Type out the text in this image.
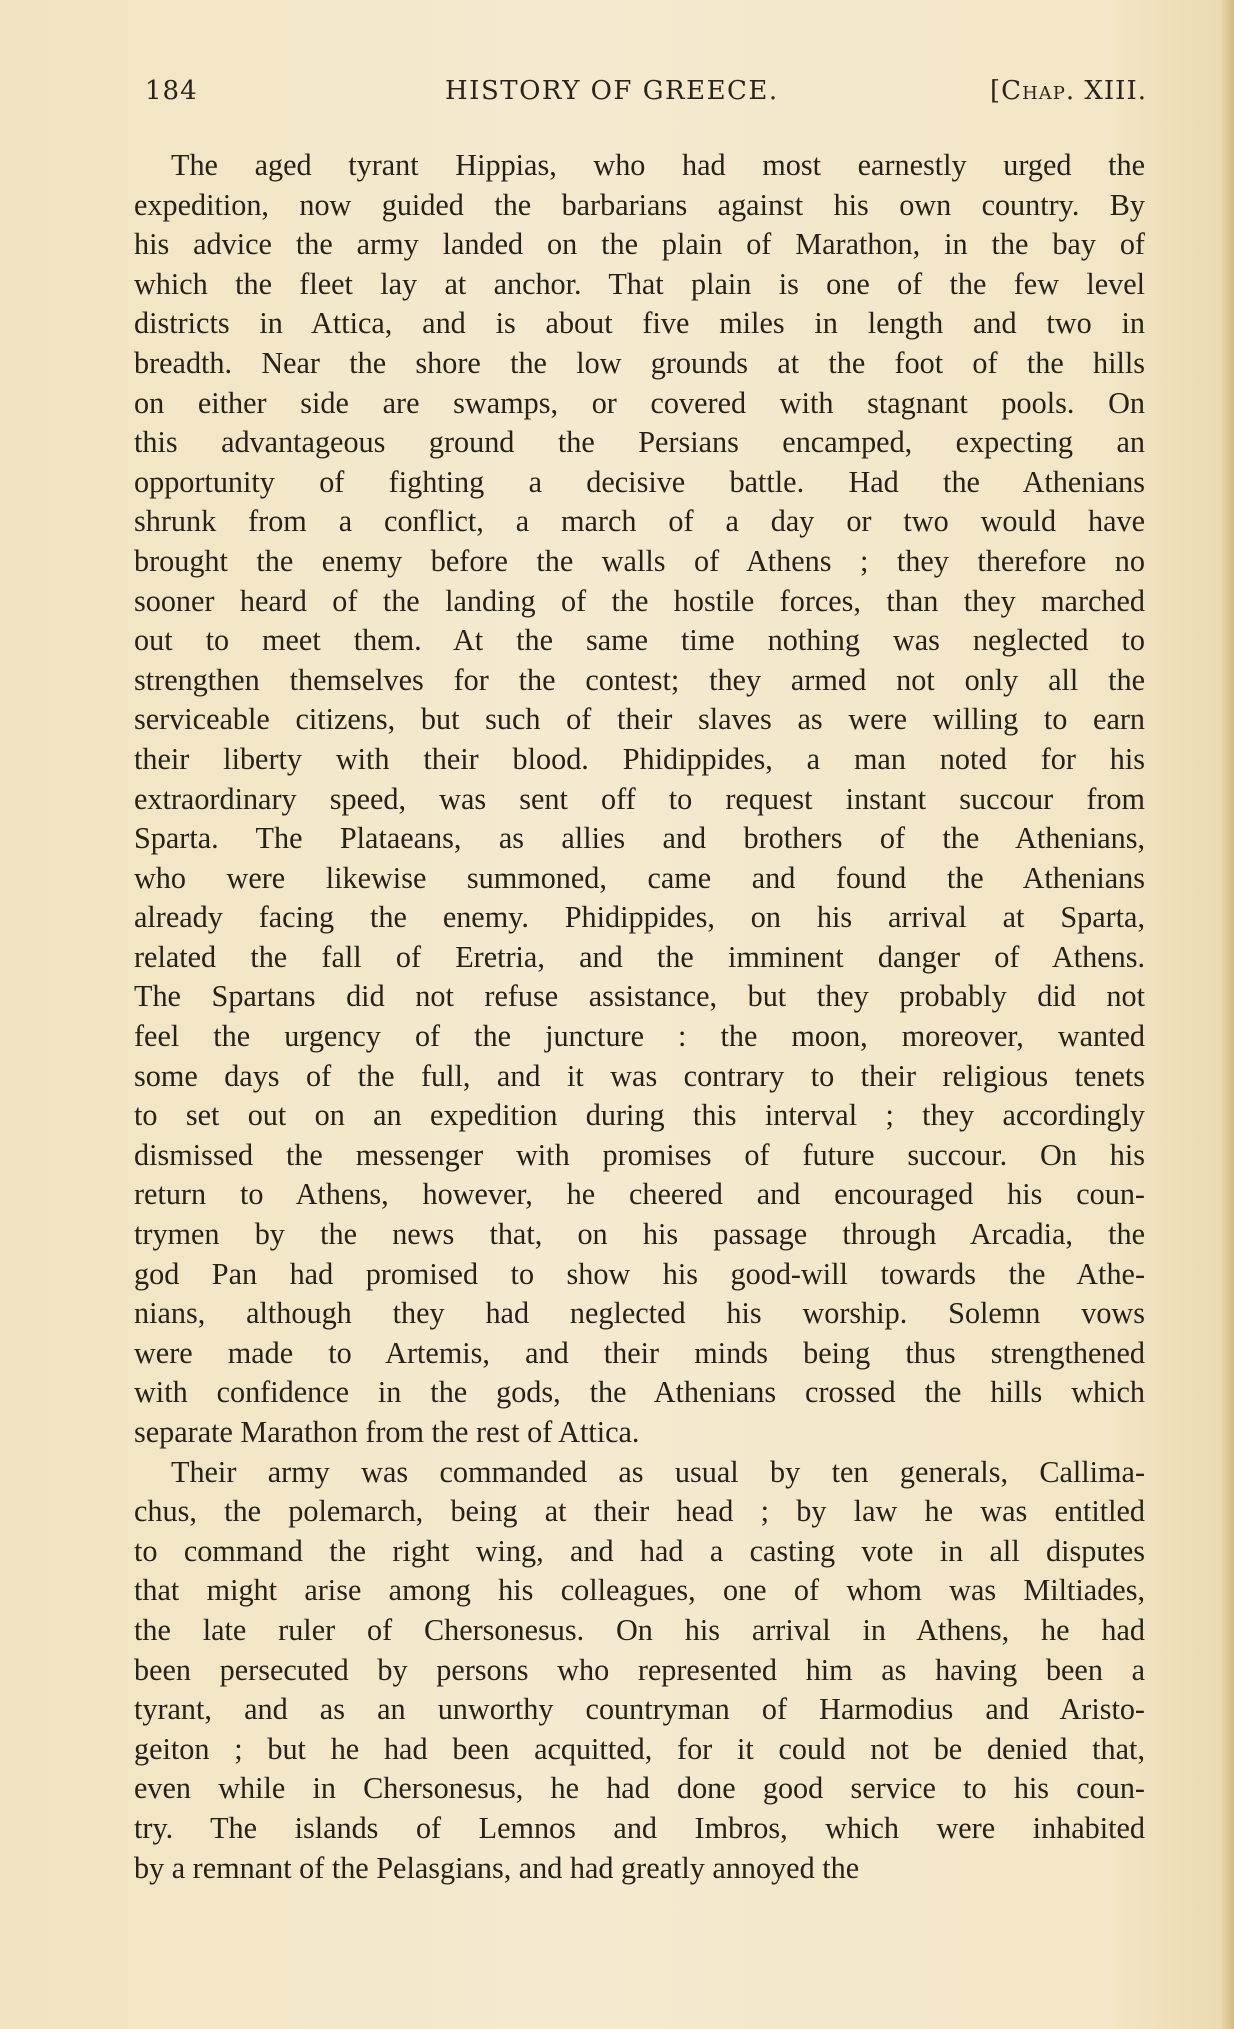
184	HISTORY OF GREECE.	[Chap. XIII.
The aged tyrant Hippias, who had most earnestly urged the
expedition, now guided the barbarians against his own country. By
his advice the army landed on the plain of Marathon, in the bay of
which the fleet lay at anchor. That plain is one of the few level
districts in Attica, and is about five miles in length and two in
breadth. Near the shore the low grounds at the foot of the hills
on either side are swamps, or covered with stagnant pools. On
this advantageous ground the Persians encamped, expecting an
opportunity of fighting a decisive battle. Had the Athenians
shrunk from a conflict, a march of a day or two would have
brought the enemy before the walls of Athens ; they therefore no
sooner heard of the landing of the hostile forces, than they marched
out to meet them. At the same time nothing was neglected to
strengthen themselves for the contest; they armed not only all the
serviceable citizens, but such of their slaves as were willing to earn
their liberty with their blood. Phidippides, a man noted for his
extraordinary speed, was sent off to request instant succour from
Sparta. The Plataeans, as allies and brothers of the Athenians,
who were likewise summoned, came and found the Athenians
already facing the enemy. Phidippides, on his arrival at Sparta,
related the fall of Eretria, and the imminent danger of Athens.
The Spartans did not refuse assistance, but they probably did not
feel the urgency of the juncture : the moon, moreover, wanted
some days of the full, and it was contrary to their religious tenets
to set out on an expedition during this interval ; they accordingly
dismissed the messenger with promises of future succour. On his
return to Athens, however, he cheered and encouraged his coun-
trymen by the news that, on his passage through Arcadia, the
god Pan had promised to show his good-will towards the Athe-
nians, although they had neglected his worship. Solemn vows
were made to Artemis, and their minds being thus strengthened
with confidence in the gods, the Athenians crossed the hills which
separate Marathon from the rest of Attica.
Their army was commanded as usual by ten generals, Callima-
chus, the polemarch, being at their head ; by law he was entitled
to command the right wing, and had a casting vote in all disputes
that might arise among his colleagues, one of whom was Miltiades,
the late ruler of Chersonesus. On his arrival in Athens, he had
been persecuted by persons who represented him as having been a
tyrant, and as an unworthy countryman of Harmodius and Aristo-
geiton ; but he had been acquitted, for it could not be denied that,
even while in Chersonesus, he had done good service to his coun-
try. The islands of Lemnos and Imbros, which were inhabited
by a remnant of the Pelasgians, and had greatly annoyed the
